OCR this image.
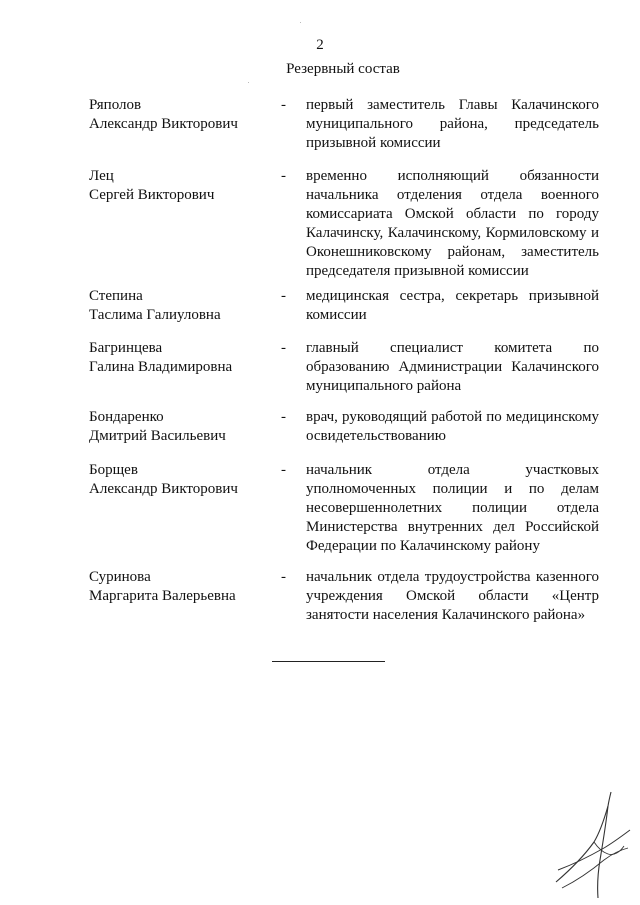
2
Резервный состав
Ряполов
Александр Викторович
- первый заместитель Главы Калачинского муниципального района, председатель призывной комиссии
Лец
Сергей Викторович
- временно исполняющий обязанности начальника отделения отдела военного комиссариата Омской области по городу Калачинску, Калачинскому, Кормиловскому и Оконешниковскому районам, заместитель председателя призывной комиссии
Степина
Таслима Галиуловна
- медицинская сестра, секретарь призывной комиссии
Багринцева
Галина Владимировна
- главный специалист комитета по образованию Администрации Калачинского муниципального района
Бондаренко
Дмитрий Васильевич
- врач, руководящий работой по медицинскому освидетельствованию
Борщев
Александр Викторович
- начальник отдела участковых уполномоченных полиции и по делам несовершеннолетних полиции отдела Министерства внутренних дел Российской Федерации по Калачинскому району
Суринова
Маргарита Валерьевна
- начальник отдела трудоустройства казенного учреждения Омской области «Центр занятости населения Калачинского района»
